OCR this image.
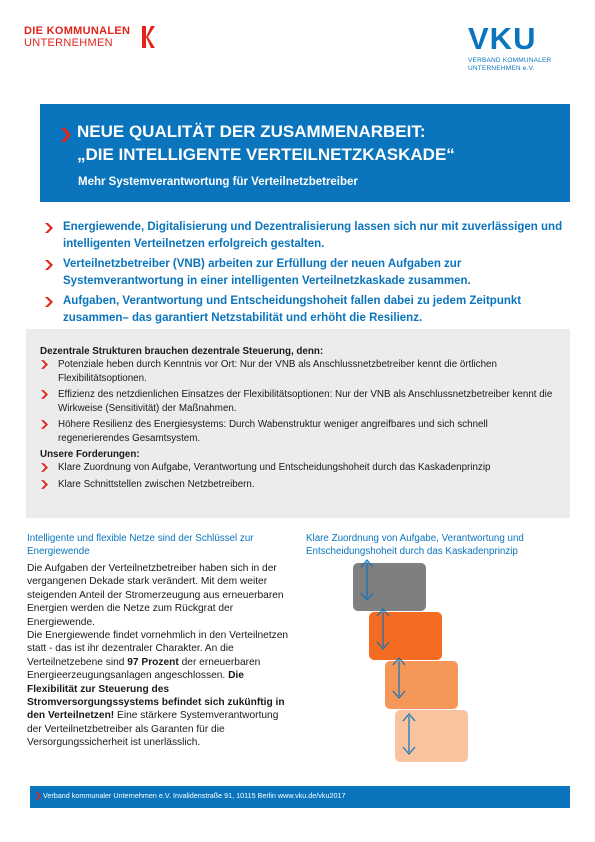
DIE KOMMUNALEN
UNTERNEHMEN	VKU
VERBAND KOMMUNALER
UNTERNEHMEN e.V.
NEUE QUALITÄT DER ZUSAMMENARBEIT:
„DIE INTELLIGENTE VERTEILNETZKASKADE“
Mehr Systemverantwortung für Verteilnetzbetreiber
Energiewende, Digitalisierung und Dezentralisierung lassen sich nur mit zuverlässigen und intelligenten Verteilnetzen erfolgreich gestalten.
Verteilnetzbetreiber (VNB) arbeiten zur Erfüllung der neuen Aufgaben zur Systemverantwortung in einer intelligenten Verteilnetzkaskade zusammen.
Aufgaben, Verantwortung und Entscheidungshoheit fallen dabei zu jedem Zeitpunkt zusammen– das garantiert Netzstabilität und erhöht die Resilienz.
Dezentrale Strukturen brauchen dezentrale Steuerung, denn:
Potenziale heben durch Kenntnis vor Ort: Nur der VNB als Anschlussnetzbetreiber kennt die örtlichen Flexibilitätsoptionen.
Effizienz des netzdienlichen Einsatzes der Flexibilitätsoptionen: Nur der VNB als Anschlussnetzbetreiber kennt die Wirkweise (Sensitivität) der Maßnahmen.
Höhere Resilienz des Energiesystems: Durch Wabenstruktur weniger angreifbares und sich schnell regenerierendes Gesamtsystem.
Unsere Forderungen:
Klare Zuordnung von Aufgabe, Verantwortung und Entscheidungshoheit durch das Kaskadenprinzip
Klare Schnittstellen zwischen Netzbetreibern.
Intelligente und flexible Netze sind der Schlüssel zur Energiewende

Die Aufgaben der Verteilnetzbetreiber haben sich in der vergangenen Dekade stark verändert. Mit dem weiter steigenden Anteil der Stromerzeugung aus erneuerbaren Energien werden die Netze zum Rückgrat der Energiewende.

Die Energiewende findet vornehmlich in den Verteilnetzen statt - das ist ihr dezentraler Charakter. An die Verteilnetzebene sind 97 Prozent der erneuerbaren Energieerzeugungsanlagen angeschlossen. Die Flexibilität zur Steuerung des Stromversorgungssystems befindet sich zukünftig in den Verteilnetzen! Eine stärkere Systemverantwortung der Verteilnetzbetreiber als Garanten für die Versorgungssicherheit ist unerlässlich.

Klare Zuordnung von Aufgabe, Verantwortung und Entscheidungshoheit durch das Kaskadenprinzip
ÜNB
VNB
1. Ebene
VNB
2. Ebene
VNB
n. Ebene
Verband kommunaler Unternehmen e.V. Invalidenstraße 91, 10115 Berlin www.vku.de/vku2017
